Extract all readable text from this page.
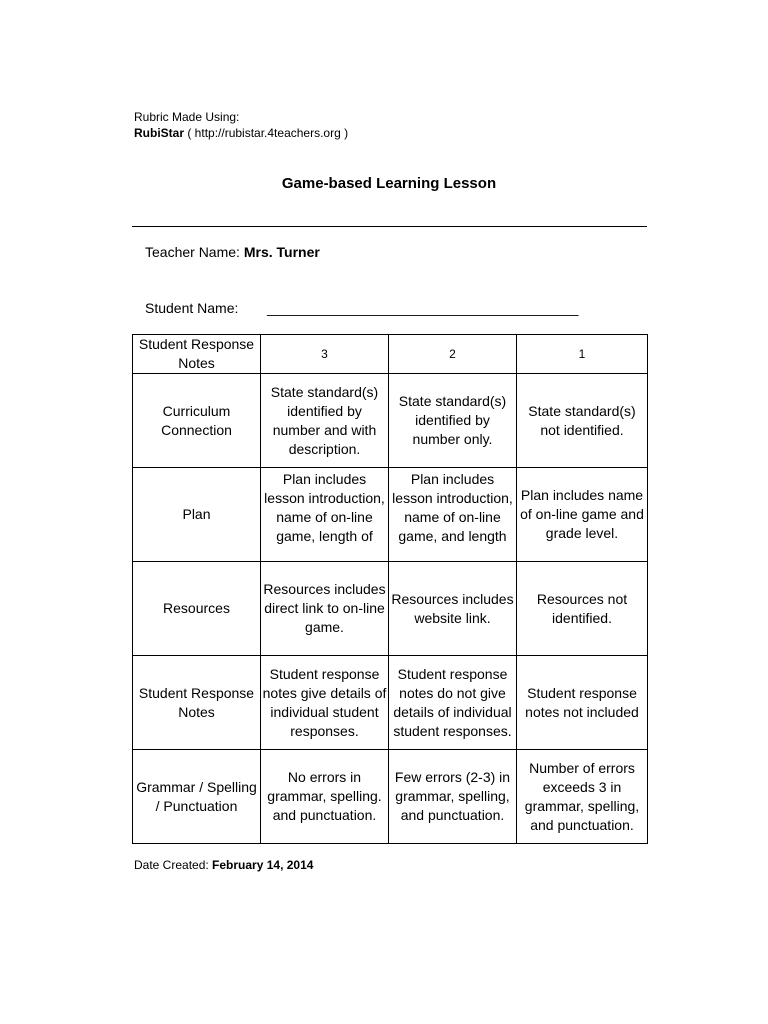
Rubric Made Using:
RubiStar ( http://rubistar.4teachers.org )
Game-based Learning Lesson
Teacher Name: Mrs. Turner
Student Name: ________________________________________
Student Response Notes	3	2	1
Curriculum Connection	State standard(s) identified by number and with description.	State standard(s) identified by number only.	State standard(s) not identified.
Plan	Plan includes lesson introduction, name of on-line game, length of	Plan includes lesson introduction, name of on-line game, and length	Plan includes name of on-line game and grade level.
Resources	Resources includes direct link to on-line game.	Resources includes website link.	Resources not identified.
Student Response Notes	Student response notes give details of individual student responses.	Student response notes do not give details of individual student responses.	Student response notes not included
Grammar / Spelling / Punctuation	No errors in grammar, spelling. and punctuation.	Few errors (2-3) in grammar, spelling, and punctuation.	Number of errors exceeds 3 in grammar, spelling, and punctuation.
Date Created: February 14, 2014
